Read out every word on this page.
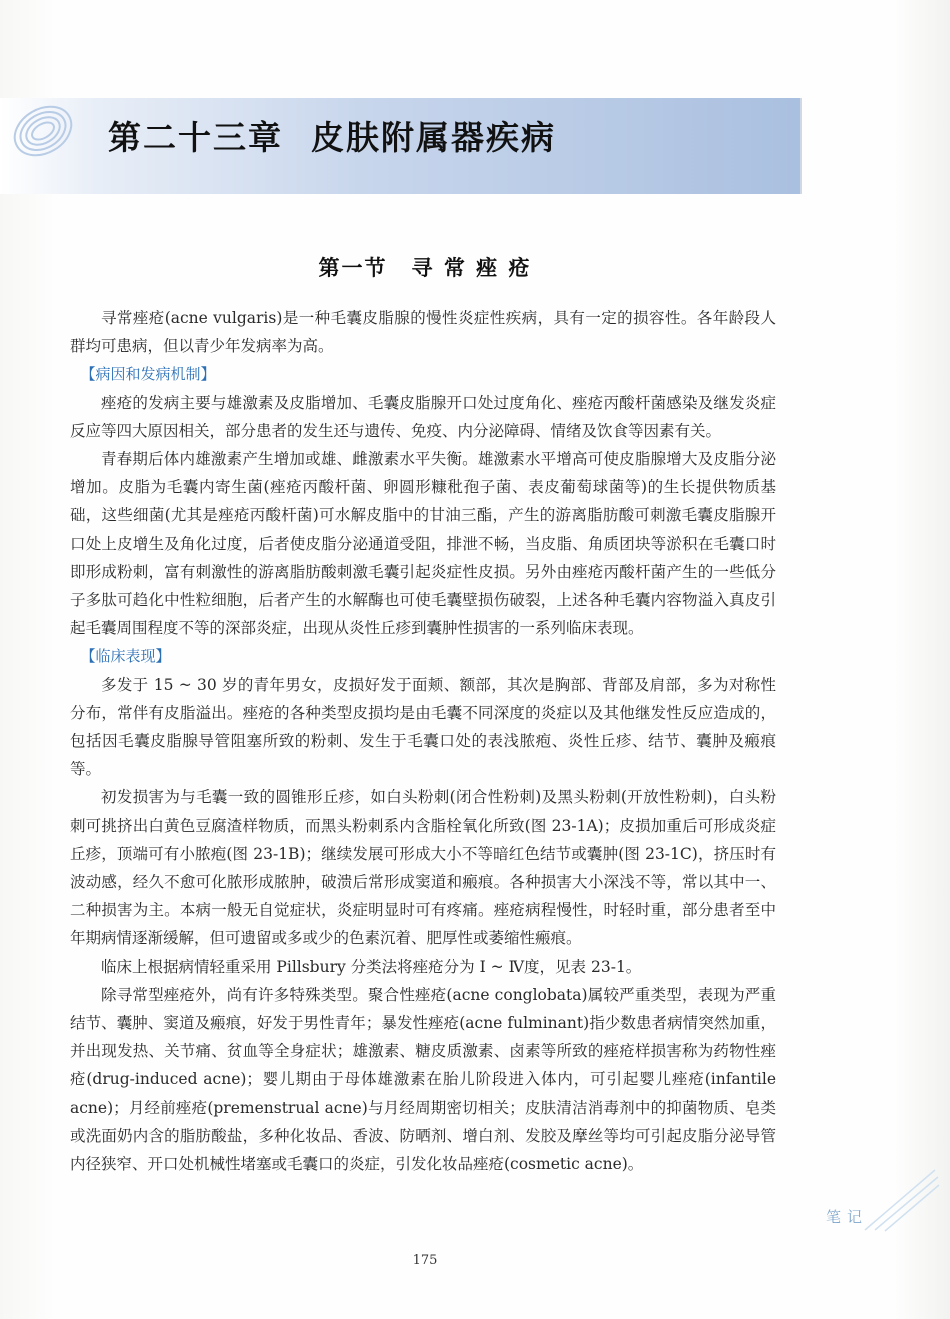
第二十三章 皮肤附属器疾病
第一节 寻 常 痤 疮

寻常痤疮(acne vulgaris)是一种毛囊皮脂腺的慢性炎症性疾病，具有一定的损容性。各年龄段人群均可患病，但以青少年发病率为高。

【病因和发病机制】

痤疮的发病主要与雄激素及皮脂增加、毛囊皮脂腺开口处过度角化、痤疮丙酸杆菌感染及继发炎症反应等四大原因相关，部分患者的发生还与遗传、免疫、内分泌障碍、情绪及饮食等因素有关。

青春期后体内雄激素产生增加或雄、雌激素水平失衡。雄激素水平增高可使皮脂腺增大及皮脂分泌增加。皮脂为毛囊内寄生菌(痤疮丙酸杆菌、卵圆形糠秕孢子菌、表皮葡萄球菌等)的生长提供物质基础，这些细菌(尤其是痤疮丙酸杆菌)可水解皮脂中的甘油三酯，产生的游离脂肪酸可刺激毛囊皮脂腺开口处上皮增生及角化过度，后者使皮脂分泌通道受阻，排泄不畅，当皮脂、角质团块等淤积在毛囊口时即形成粉刺，富有刺激性的游离脂肪酸刺激毛囊引起炎症性皮损。另外由痤疮丙酸杆菌产生的一些低分子多肽可趋化中性粒细胞，后者产生的水解酶也可使毛囊壁损伤破裂，上述各种毛囊内容物溢入真皮引起毛囊周围程度不等的深部炎症，出现从炎性丘疹到囊肿性损害的一系列临床表现。

【临床表现】

多发于 15 ~ 30 岁的青年男女，皮损好发于面颊、额部，其次是胸部、背部及肩部，多为对称性分布，常伴有皮脂溢出。痤疮的各种类型皮损均是由毛囊不同深度的炎症以及其他继发性反应造成的，包括因毛囊皮脂腺导管阻塞所致的粉刺、发生于毛囊口处的表浅脓疱、炎性丘疹、结节、囊肿及瘢痕等。

初发损害为与毛囊一致的圆锥形丘疹，如白头粉刺(闭合性粉刺)及黑头粉刺(开放性粉刺)，白头粉刺可挑挤出白黄色豆腐渣样物质，而黑头粉刺系内含脂栓氧化所致(图 23-1A)；皮损加重后可形成炎症丘疹，顶端可有小脓疱(图 23-1B)；继续发展可形成大小不等暗红色结节或囊肿(图 23-1C)，挤压时有波动感，经久不愈可化脓形成脓肿，破溃后常形成窦道和瘢痕。各种损害大小深浅不等，常以其中一、二种损害为主。本病一般无自觉症状，炎症明显时可有疼痛。痤疮病程慢性，时轻时重，部分患者至中年期病情逐渐缓解，但可遗留或多或少的色素沉着、肥厚性或萎缩性瘢痕。

临床上根据病情轻重采用 Pillsbury 分类法将痤疮分为 Ⅰ ~ Ⅳ度，见表 23-1。

除寻常型痤疮外，尚有许多特殊类型。聚合性痤疮(acne conglobata)属较严重类型，表现为严重结节、囊肿、窦道及瘢痕，好发于男性青年；暴发性痤疮(acne fulminant)指少数患者病情突然加重，并出现发热、关节痛、贫血等全身症状；雄激素、糖皮质激素、卤素等所致的痤疮样损害称为药物性痤疮(drug-induced acne)；婴儿期由于母体雄激素在胎儿阶段进入体内，可引起婴儿痤疮(infantile acne)；月经前痤疮(premenstrual acne)与月经周期密切相关；皮肤清洁消毒剂中的抑菌物质、皂类或洗面奶内含的脂肪酸盐，多种化妆品、香波、防晒剂、增白剂、发胶及摩丝等均可引起皮脂分泌导管内径狭窄、开口处机械性堵塞或毛囊口的炎症，引发化妆品痤疮(cosmetic acne)。

笔记
175
